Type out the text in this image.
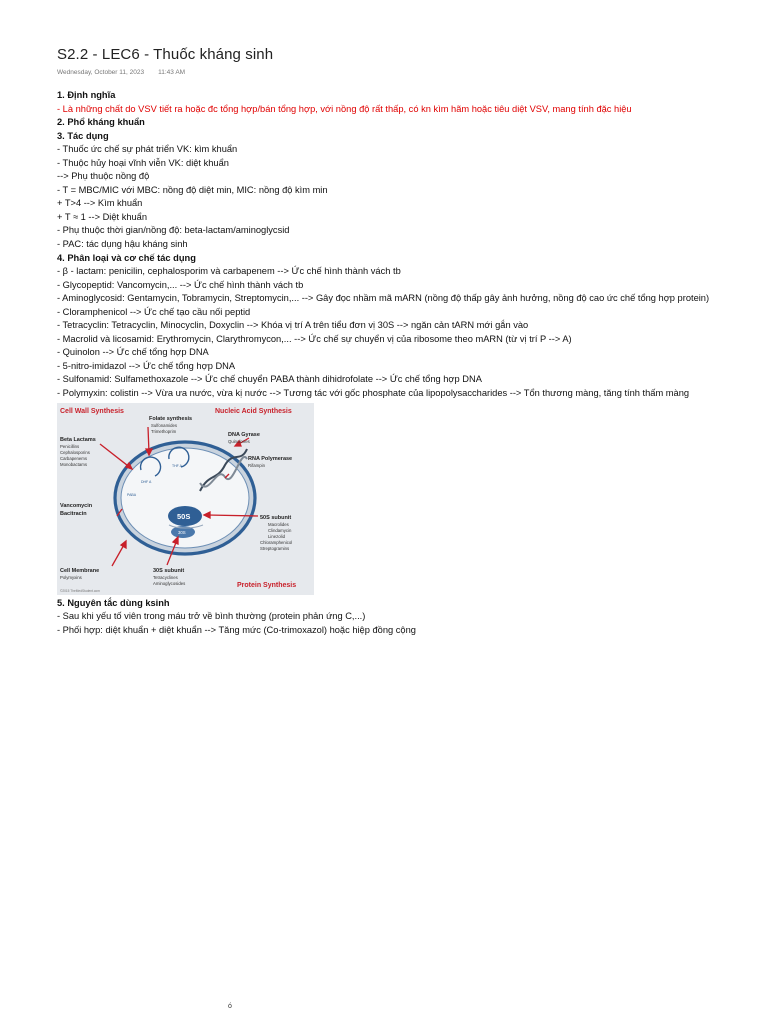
S2.2 - LEC6 - Thuốc kháng sinh
Wednesday, October 11, 2023 11:43 AM
1. Định nghĩa
- Là những chất do VSV tiết ra hoặc đc tổng hợp/bán tổng hợp, với nồng độ rất thấp, có kn kìm hãm hoặc tiêu diệt VSV, mang tính đặc hiệu
2. Phổ kháng khuẩn
3. Tác dụng
- Thuốc ức chế sự phát triển VK: kìm khuẩn
- Thuộc hủy hoại vĩnh viễn VK: diệt khuẩn
--> Phụ thuộc nồng độ
- T = MBC/MIC với MBC: nồng độ diệt min, MIC: nồng độ kìm min
+ T>4 --> Kìm khuẩn
+ T ≈ 1 --> Diệt khuẩn
- Phụ thuộc thời gian/nồng độ: beta-lactam/aminoglycsid
- PAC: tác dụng hậu kháng sinh
4. Phân loại và cơ chế tác dụng
- β - lactam: penicilin, cephalosporim và carbapenem --> Ức chế hình thành vách tb
- Glycopeptid: Vancomycin,... --> Ức chế hình thành vách tb
- Aminoglycosid: Gentamycin, Tobramycin, Streptomycin,... --> Gây đọc nhầm mã mARN (nồng độ thấp gây ảnh hưởng, nồng độ cao ức chế tổng hợp protein)
- Cloramphenicol --> Ức chế tạo cầu nối peptid
- Tetracyclin: Tetracyclin, Minocyclin, Doxyclin --> Khóa vị trí A trên tiểu đơn vị 30S --> ngăn cản tARN mới gắn vào
- Macrolid và licosamid: Erythromycin, Clarythromycon,... --> Ức chế sự chuyển vị của ribosome theo mARN (từ vị trí P --> A)
- Quinolon --> Ức chế tổng hợp DNA
- 5-nitro-imidazol --> Ức chế tổng hợp DNA
- Sulfonamid: Sulfamethoxazole --> Ức chế chuyển PABA thành dihidrofolate --> Ức chế tổng hợp DNA
- Polymyxin: colistin --> Vừa ưa nước, vừa kị nước --> Tương tác với gốc phosphate của lipopolysaccharides --> Tổn thương màng, tăng tính thấm màng
Cell Wall Synthesis	Nucleic Acid Synthesis
Folate synthesis
Sulfonamides
Trimethoprim
Beta Lactams
Penicillins
Cephalosporins
Carbapenems
Monobactams
DNA Gyrase
Quinolones
RNA Polymerase
Rifampin
THF A
DHF A
PABA
Vancomycin
Bacitracin	50S
30S
50S subunit
Macrolides
Clindamycin
Linezolid
Chloramphenicol
Streptogramins
Cell Membrane
Polymyxins
30S subunit
Tetracyclines
Aminoglycosides	Protein Synthesis
©2015 TheMedStudent.com
5. Nguyên tắc dùng ksinh
- Sau khi yếu tố viên trong máu trở về bình thường (protein phản ứng C,...)
- Phối hợp: diệt khuẩn + diệt khuẩn --> Tăng mức (Co-trimoxazol) hoặc hiệp đồng cộng
ó
